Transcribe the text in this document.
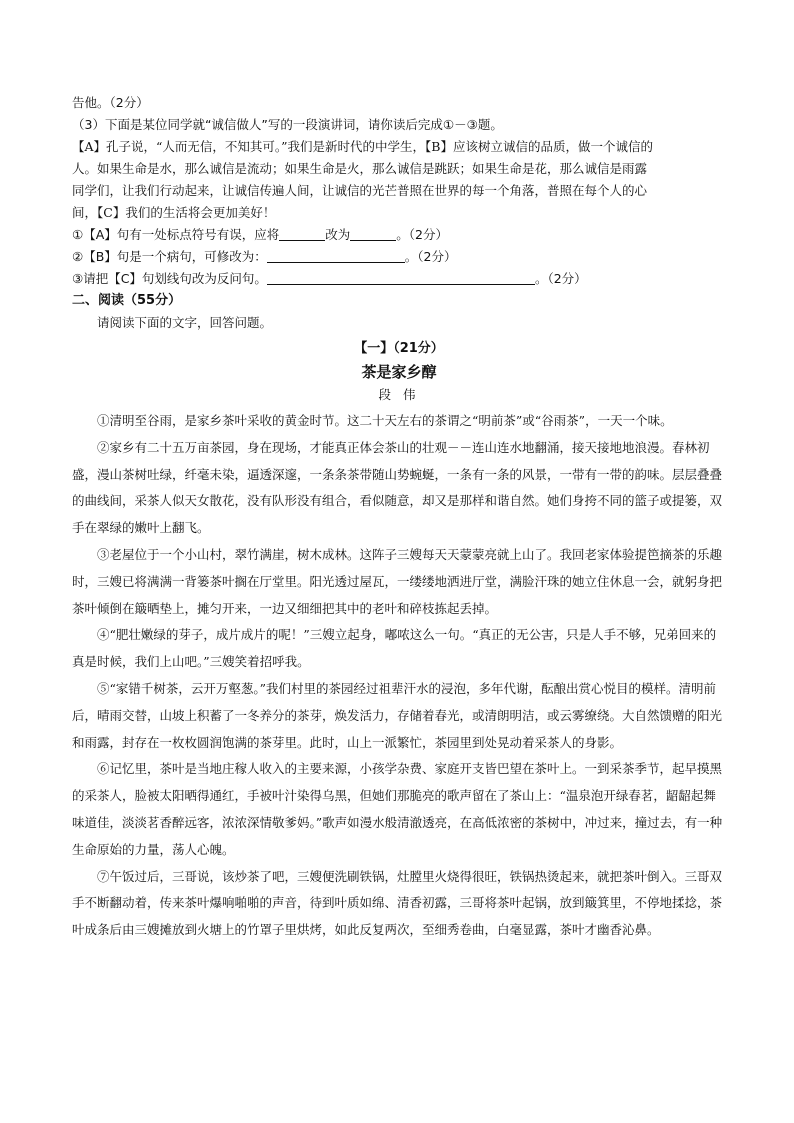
告他。（2分）
（3）下面是某位同学就“诚信做人”写的一段演讲词，请你读后完成①－③题。
【A】孔子说，“人而无信，不知其可。”我们是新时代的中学生，【B】应该树立诚信的品质，做一个诚信的
人。如果生命是水，那么诚信是流动；如果生命是火，那么诚信是跳跃；如果生命是花，那么诚信是雨露
同学们，让我们行动起来，让诚信传遍人间，让诚信的光芒普照在世界的每一个角落，普照在每个人的心
间，【C】我们的生活将会更加美好！
①【A】句有一处标点符号有误，应将	改为	。（2分）
②【B】句是一个病句，可修改为：	。（2分）
③请把【C】句划线句改为反问句。	。（2分）
二、阅读（55分）
请阅读下面的文字，回答问题。
【一】（21分）
茶是家乡醇
段 伟

①清明至谷雨，是家乡茶叶采收的黄金时节。这二十天左右的茶谓之“明前茶”或“谷雨茶”，一天一个味。

②家乡有二十五万亩茶园，身在现场，才能真正体会茶山的壮观－－连山连水地翻涌，接天接地地浪漫。春林初盛，漫山茶树吐绿，纤毫未染，逼透深邃，一条条茶带随山势蜿蜒，一条有一条的风景，一带有一带的韵味。层层叠叠的曲线间，采茶人似天女散花，没有队形没有组合，看似随意，却又是那样和谐自然。她们身挎不同的篮子或提篓，双手在翠绿的嫩叶上翻飞。

③老屋位于一个小山村，翠竹满崖，树木成林。这阵子三嫂每天天蒙蒙亮就上山了。我回老家体验提笆摘茶的乐趣时，三嫂已将满满一背篓茶叶搁在厅堂里。阳光透过屋瓦，一缕缕地洒进厅堂，满脸汗珠的她立住休息一会，就躬身把茶叶倾倒在簸晒垫上，摊匀开来，一边又细细把其中的老叶和碎枝拣起丢掉。

④“肥壮嫩绿的芽子，成片成片的呢！”三嫂立起身，嘟哝这么一句。“真正的无公害，只是人手不够，兄弟回来的真是时候，我们上山吧。”三嫂笑着招呼我。

⑤“家错千树茶，云开万壑葱。”我们村里的茶园经过祖辈汗水的浸泡，多年代谢，酝酿出赏心悦目的模样。清明前后，晴雨交替，山坡上积蓄了一冬养分的茶芽，焕发活力，存储着春光，或清朗明洁，或云雾缭绕。大自然馈赠的阳光和雨露，封存在一枚枚圆润饱满的茶芽里。此时，山上一派繁忙，茶园里到处晃动着采茶人的身影。

⑥记忆里，茶叶是当地庄稼人收入的主要来源，小孩学杂费、家庭开支皆巴望在茶叶上。一到采茶季节，起早摸黑的采茶人，脸被太阳晒得通红，手被叶汁染得乌黑，但她们那脆亮的歌声留在了茶山上：“温泉泡开绿春茗，龆龆起舞味道佳，淡淡茗香醉远客，浓浓深情敬爹妈。”歌声如漫水般清澈透亮，在高低浓密的茶树中，冲过来，撞过去，有一种生命原始的力量，荡人心魄。

⑦午饭过后，三哥说，该炒茶了吧，三嫂便洗刷铁锅，灶膛里火烧得很旺，铁锅热烫起来，就把茶叶倒入。三哥双手不断翻动着，传来茶叶爆响啪啪的声音，待到叶质如绵、清香初露，三哥将茶叶起锅，放到簸箕里，不停地揉捻，茶叶成条后由三嫂摊放到火塘上的竹罩子里烘烤，如此反复两次，至细秀卷曲，白毫显露，茶叶才幽香沁鼻。
